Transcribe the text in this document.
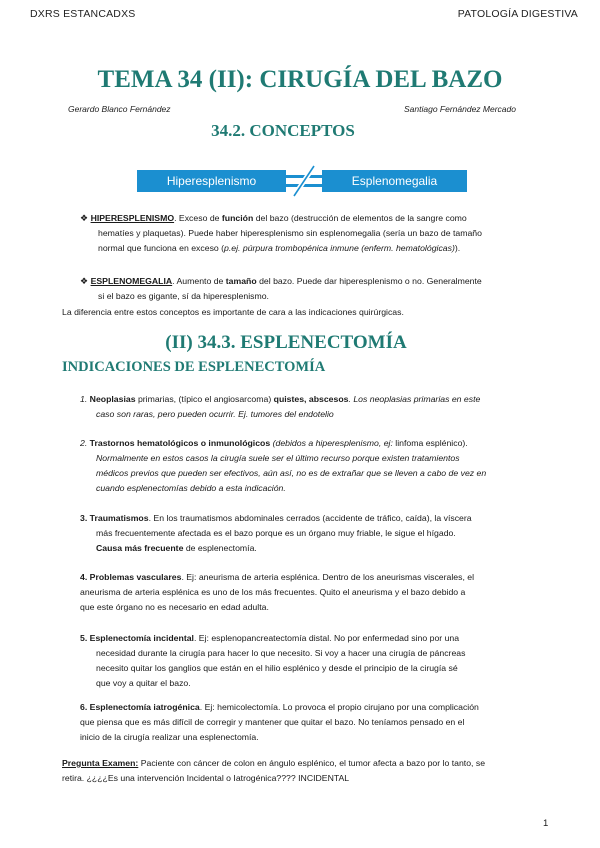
DXRS ESTANCADXS	PATOLOGÍA DIGESTIVA
TEMA 34 (II): CIRUGÍA DEL BAZO
Gerardo Blanco Fernández	Santiago Fernández Mercado
34.2. CONCEPTOS
Hiperesplenismo	Esplenomegalia
❖ HIPERESPLENISMO. Exceso de función del bazo (destrucción de elementos de la sangre como
hematíes y plaquetas). Puede haber hiperesplenismo sin esplenomegalia (sería un bazo de tamaño
normal que funciona en exceso (p.ej. púrpura trombopénica inmune (enferm. hematológicas)).
❖ ESPLENOMEGALIA. Aumento de tamaño del bazo. Puede dar hiperesplenismo o no. Generalmente
si el bazo es gigante, sí da hiperesplenismo.
La diferencia entre estos conceptos es importante de cara a las indicaciones quirúrgicas.
(II) 34.3. ESPLENECTOMÍA
INDICACIONES DE ESPLENECTOMÍA
1. Neoplasias primarias, (típico el angiosarcoma) quistes, abscesos. Los neoplasias primarias en este
caso son raras, pero pueden ocurrir. Ej. tumores del endotelio
2. Trastornos hematológicos o inmunológicos (debidos a hiperesplenismo, ej: linfoma esplénico).
Normalmente en estos casos la cirugía suele ser el último recurso porque existen tratamientos
médicos previos que pueden ser efectivos, aún así, no es de extrañar que se lleven a cabo de vez en
cuando esplenectomías debido a esta indicación.
3. Traumatismos. En los traumatismos abdominales cerrados (accidente de tráfico, caída), la víscera
más frecuentemente afectada es el bazo porque es un órgano muy friable, le sigue el hígado.
Causa más frecuente de esplenectomía.
4. Problemas vasculares. Ej: aneurisma de arteria esplénica. Dentro de los aneurismas viscerales, el
aneurisma de arteria esplénica es uno de los más frecuentes. Quito el aneurisma y el bazo debido a
que este órgano no es necesario en edad adulta.
5. Esplenectomía incidental. Ej: esplenopancreatectomía distal. No por enfermedad sino por una
necesidad durante la cirugía para hacer lo que necesito. Si voy a hacer una cirugía de páncreas
necesito quitar los ganglios que están en el hilio esplénico y desde el principio de la cirugía sé
que voy a quitar el bazo.
6. Esplenectomía iatrogénica. Ej: hemicolectomía. Lo provoca el propio cirujano por una complicación
que piensa que es más difícil de corregir y mantener que quitar el bazo. No teníamos pensado en el
inicio de la cirugía realizar una esplenectomía.
Pregunta Examen: Paciente con cáncer de colon en ángulo esplénico, el tumor afecta a bazo por lo tanto, se
retira. ¿¿¿¿Es una intervención Incidental o Iatrogénica???? INCIDENTAL
1
